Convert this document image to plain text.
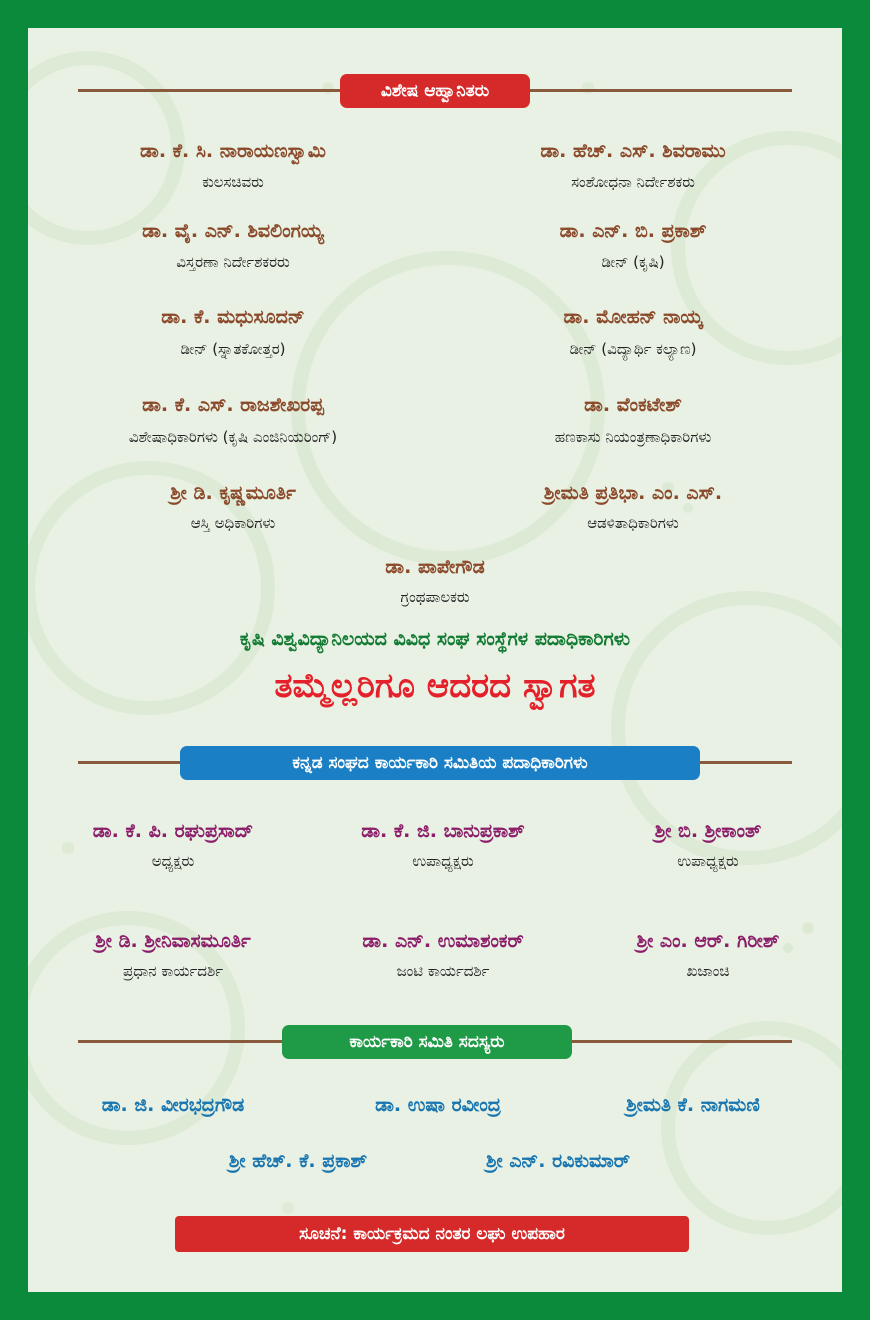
ವಿಶೇಷ ಆಹ್ವಾನಿತರು
ಡಾ. ಕೆ. ಸಿ. ನಾರಾಯಣಸ್ವಾಮಿ
ಕುಲಸಚಿವರು
ಡಾ. ಹೆಚ್. ಎಸ್. ಶಿವರಾಮು
ಸಂಶೋಧನಾ ನಿರ್ದೇಶಕರು
ಡಾ. ವೈ. ಎನ್. ಶಿವಲಿಂಗಯ್ಯ
ವಿಸ್ತರಣಾ ನಿರ್ದೇಶಕರರು
ಡಾ. ಎನ್. ಬಿ. ಪ್ರಕಾಶ್
ಡೀನ್ (ಕೃಷಿ)
ಡಾ. ಕೆ. ಮಧುಸೂದನ್
ಡೀನ್ (ಸ್ನಾತಕೋತ್ತರ)
ಡಾ. ಮೋಹನ್ ನಾಯ್ಕ
ಡೀನ್ (ವಿದ್ಯಾರ್ಥಿ ಕಲ್ಯಾಣ)
ಡಾ. ಕೆ. ಎಸ್. ರಾಜಶೇಖರಪ್ಪ
ವಿಶೇಷಾಧಿಕಾರಿಗಳು (ಕೃಷಿ ಎಂಜಿನಿಯರಿಂಗ್)
ಡಾ. ವೆಂಕಟೇಶ್
ಹಣಕಾಸು ನಿಯಂತ್ರಣಾಧಿಕಾರಿಗಳು
ಶ್ರೀ ಡಿ. ಕೃಷ್ಣಮೂರ್ತಿ
ಆಸ್ತಿ ಅಧಿಕಾರಿಗಳು
ಶ್ರೀಮತಿ ಪ್ರತಿಭಾ. ಎಂ. ಎಸ್.
ಆಡಳಿತಾಧಿಕಾರಿಗಳು
ಡಾ. ಪಾಪೇಗೌಡ
ಗ್ರಂಥಪಾಲಕರು
ಕೃಷಿ ವಿಶ್ವವಿದ್ಯಾನಿಲಯದ ವಿವಿಧ ಸಂಘ ಸಂಸ್ಥೆಗಳ ಪದಾಧಿಕಾರಿಗಳು
ತಮ್ಮೆಲ್ಲರಿಗೂ ಆದರದ ಸ್ವಾಗತ
ಕನ್ನಡ ಸಂಘದ ಕಾರ್ಯಕಾರಿ ಸಮಿತಿಯ ಪದಾಧಿಕಾರಿಗಳು
ಡಾ. ಕೆ. ಪಿ. ರಘುಪ್ರಸಾದ್
ಅಧ್ಯಕ್ಷರು
ಡಾ. ಕೆ. ಜಿ. ಬಾನುಪ್ರಕಾಶ್
ಉಪಾಧ್ಯಕ್ಷರು
ಶ್ರೀ ಬಿ. ಶ್ರೀಕಾಂತ್
ಉಪಾಧ್ಯಕ್ಷರು
ಶ್ರೀ ಡಿ. ಶ್ರೀನಿವಾಸಮೂರ್ತಿ
ಪ್ರಧಾನ ಕಾರ್ಯದರ್ಶಿ
ಡಾ. ಎನ್. ಉಮಾಶಂಕರ್
ಜಂಟಿ ಕಾರ್ಯದರ್ಶಿ
ಶ್ರೀ ಎಂ. ಆರ್. ಗಿರೀಶ್
ಖಜಾಂಚಿ
ಕಾರ್ಯಕಾರಿ ಸಮಿತಿ ಸದಸ್ಯರು
ಡಾ. ಜಿ. ವೀರಭದ್ರಗೌಡ	ಡಾ. ಉಷಾ ರವೀಂದ್ರ	ಶ್ರೀಮತಿ ಕೆ. ನಾಗಮಣಿ
ಶ್ರೀ ಹೆಚ್. ಕೆ. ಪ್ರಕಾಶ್	ಶ್ರೀ ಎನ್. ರವಿಕುಮಾರ್
ಸೂಚನೆ: ಕಾರ್ಯಕ್ರಮದ ನಂತರ ಲಘು ಉಪಹಾರ
